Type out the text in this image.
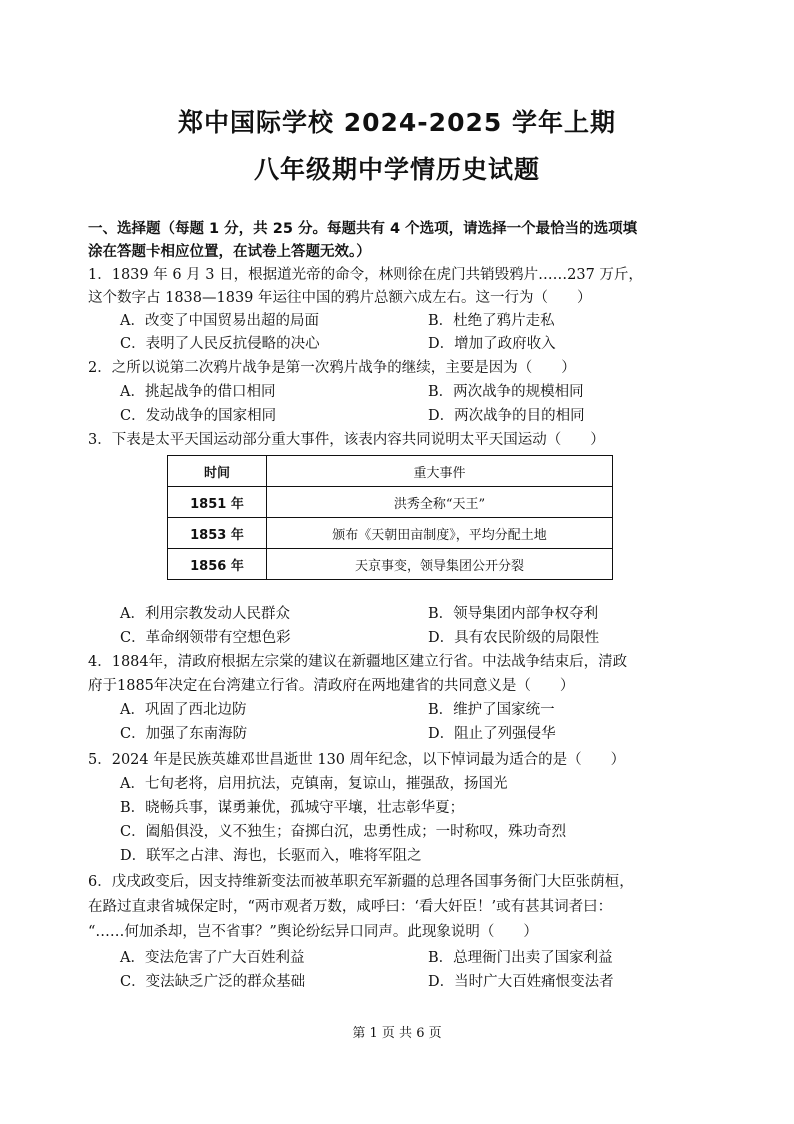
郑中国际学校 2024-2025 学年上期
八年级期中学情历史试题
一、选择题（每题 1 分，共 25 分。每题共有 4 个选项，请选择一个最恰当的选项填
涂在答题卡相应位置，在试卷上答题无效。）
1．1839 年 6 月 3 日，根据道光帝的命令，林则徐在虎门共销毁鸦片……237 万斤，
这个数字占 1838—1839 年运往中国的鸦片总额六成左右。这一行为（　　）
A．改变了中国贸易出超的局面	B．杜绝了鸦片走私
C．表明了人民反抗侵略的决心	D．增加了政府收入
2．之所以说第二次鸦片战争是第一次鸦片战争的继续，主要是因为（　　）
A．挑起战争的借口相同	B．两次战争的规模相同
C．发动战争的国家相同	D．两次战争的目的相同
3．下表是太平天国运动部分重大事件，该表内容共同说明太平天国运动（　　）
时间	重大事件
1851 年	洪秀全称“天王”
1853 年	颁布《天朝田亩制度》，平均分配土地
1856 年	天京事变，领导集团公开分裂
A．利用宗教发动人民群众	B．领导集团内部争权夺利
C．革命纲领带有空想色彩	D．具有农民阶级的局限性
4．1884年，清政府根据左宗棠的建议在新疆地区建立行省。中法战争结束后，清政
府于1885年决定在台湾建立行省。清政府在两地建省的共同意义是（　　）
A．巩固了西北边防	B．维护了国家统一
C．加强了东南海防	D．阻止了列强侵华
5．2024 年是民族英雄邓世昌逝世 130 周年纪念，以下悼词最为适合的是（　　）
A．七旬老将，启用抗法，克镇南，复谅山，摧强敌，扬国光
B．晓畅兵事，谋勇兼优，孤城守平壤，壮志彰华夏；
C．阖船俱没，义不独生；奋掷白沉，忠勇性成；一时称叹，殊功奇烈
D．联军之占津、海也，长驱而入，唯将军阻之
6．戊戌政变后，因支持维新变法而被革职充军新疆的总理各国事务衙门大臣张荫桓，
在路过直隶省城保定时，“两市观者万数，咸呼曰：‘看大奸臣！’或有甚其词者曰：
“……何加杀却，岂不省事？”舆论纷纭异口同声。此现象说明（　　）
A．变法危害了广大百姓利益	B．总理衙门出卖了国家利益
C．变法缺乏广泛的群众基础	D．当时广大百姓痛恨变法者
第 1 页 共 6 页
